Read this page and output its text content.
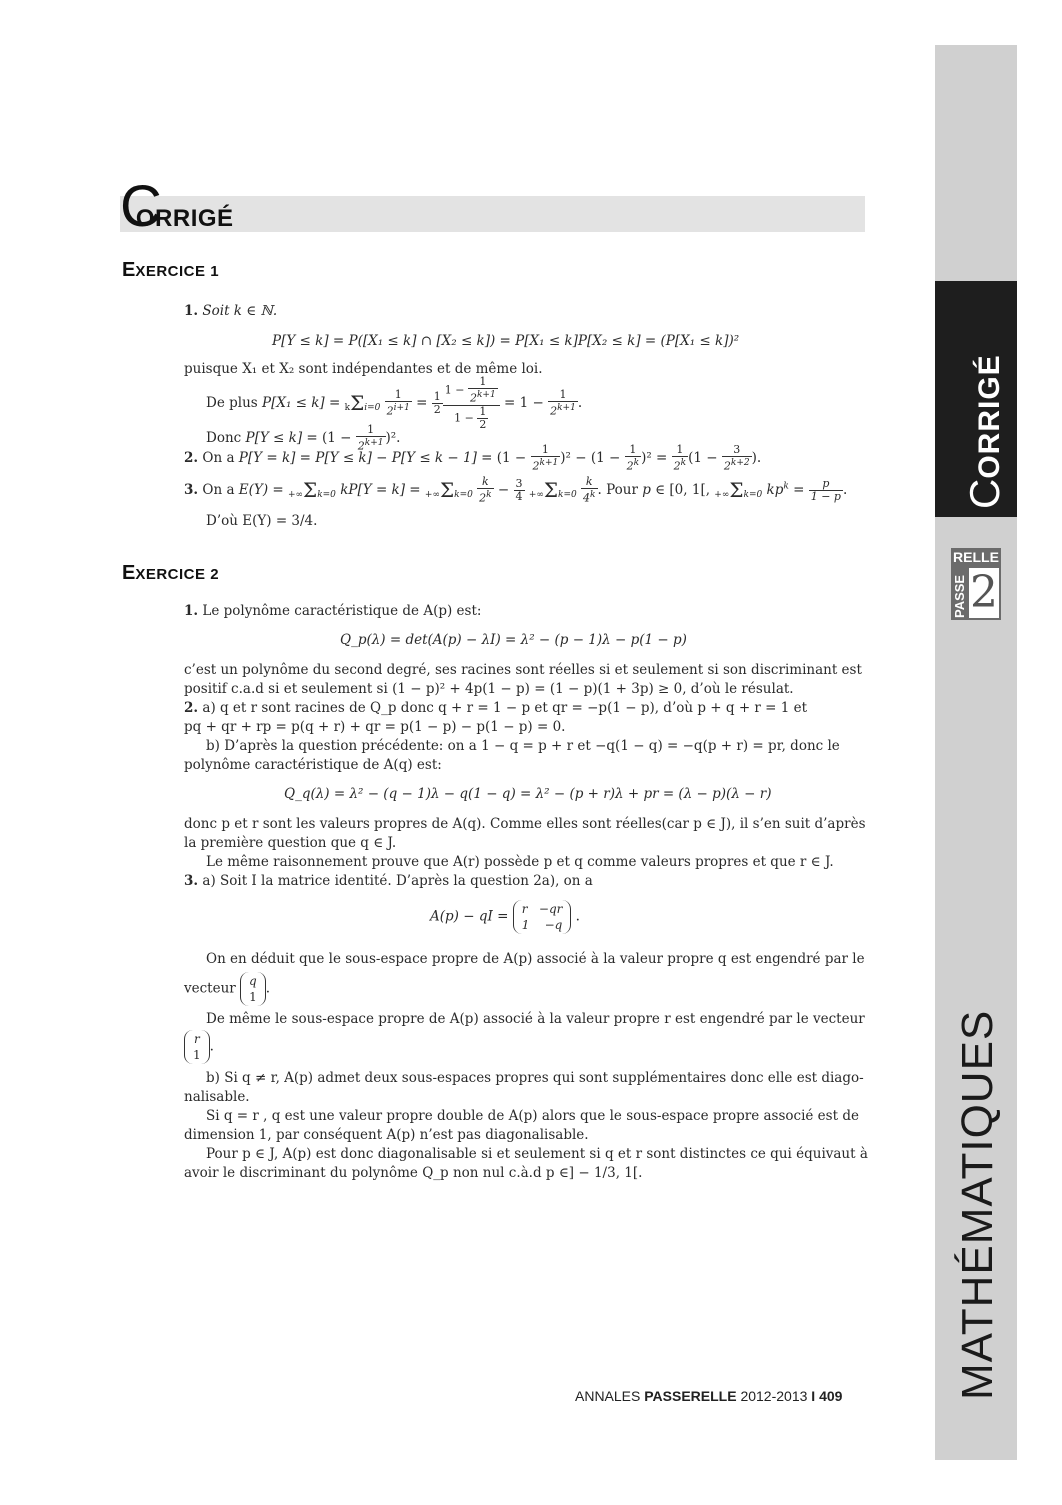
CORRIGÉ
RELLE
PASSE 2
MATHÉMATIQUES
CORRIGÉ
EXERCICE 1
1. Soit k ∈ ℕ.
P[Y ≤ k] = P([X₁ ≤ k] ∩ [X₂ ≤ k]) = P[X₁ ≤ k]P[X₂ ≤ k] = (P[X₁ ≤ k])²
puisque X₁ et X₂ sont indépendantes et de même loi.
De plus $P[X_1 \le k] = k\Sigma i=0 \frac{1}{2^{i+1}} = \frac{1}{2} \frac{1 - \frac{1}{2^{k+1}}}{1 - \frac{1}{2}} = 1 - \frac{1}{2^{k+1}}$ .
Donc $P[Y \le k] = (1 - \frac{1}{2^{k+1}} )^2$.
2. On a $P[Y = k] = P[Y \le k] - P[Y \le k - 1] = (1 - \frac{1}{2^{k+1}} )^2 - (1 - \frac{1}{2^k} )^2 = \frac{1}{2^k} (1 - \frac{3}{2^{k+2}}$ ).
3. On a E(Y) = +∞Σk=0 $kP[Y = k] = +\infty\Sigma k=0 \frac{k}{2^k} - \frac{3}{4} +\infty\Sigma k=0 \frac{k}{4^k}$ . Pour p ∈ [0, 1[, +∞Σk=0 $kp^k = \frac{p}{1 - p}$ .
D’où E(Y) = 3/4.
EXERCICE 2
1. Le polynôme caractéristique de A(p) est:
Q_p(λ) = det(A(p) − λI) = λ² − (p − 1)λ − p(1 − p)
c’est un polynôme du second degré, ses racines sont réelles si et seulement si son discriminant est
positif c.a.d si et seulement si (1 − p)² + 4p(1 − p) = (1 − p)(1 + 3p) ≥ 0, d’où le résulat.
2. a) q et r sont racines de Q_p donc q + r = 1 − p et qr = −p(1 − p), d’où p + q + r = 1 et
pq + qr + rp = p(q + r) + qr = p(1 − p) − p(1 − p) = 0.
b) D’après la question précédente: on a 1 − q = p + r et −q(1 − q) = −q(p + r) = pr, donc le
polynôme caractéristique de A(q) est:
Q_q(λ) = λ² − (q − 1)λ − q(1 − q) = λ² − (p + r)λ + pr = (λ − p)(λ − r)
donc p et r sont les valeurs propres de A(q). Comme elles sont réelles(car p ∈ J), il s’en suit d’après
la première question que q ∈ J.
Le même raisonnement prouve que A(r) possède p et q comme valeurs propres et que r ∈ J.
3. a) Soit I la matrice identité. D’après la question 2a), on a
A(p) − qI = r   −qr
1    −q
.
On en déduit que le sous-espace propre de A(p) associé à la valeur propre q est engendré par le
vecteur q
1
.
De même le sous-espace propre de A(p) associé à la valeur propre r est engendré par le vecteur
r
1
.
b) Si q ≠ r, A(p) admet deux sous-espaces propres qui sont supplémentaires donc elle est diago-
nalisable.
Si q = r , q est une valeur propre double de A(p) alors que le sous-espace propre associé est de
dimension 1, par conséquent A(p) n’est pas diagonalisable.
Pour p ∈ J, A(p) est donc diagonalisable si et seulement si q et r sont distinctes ce qui équivaut à
avoir le discriminant du polynôme Q_p non nul c.à.d p ∈] − 1/3, 1[.
ANNALES PASSERELLE 2012-2013 I 409
